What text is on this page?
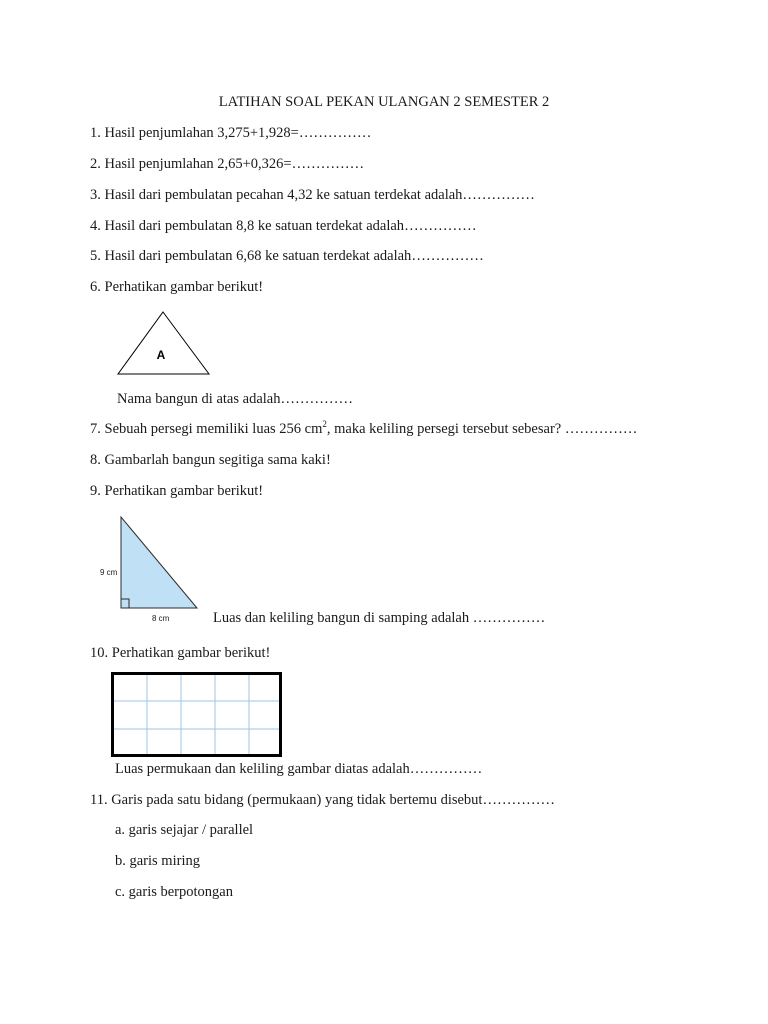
LATIHAN SOAL PEKAN ULANGAN 2 SEMESTER 2
1. Hasil penjumlahan 3,275+1,928=……………
2. Hasil penjumlahan 2,65+0,326=……………
3. Hasil dari pembulatan pecahan 4,32 ke satuan terdekat adalah……………
4. Hasil dari pembulatan 8,8 ke satuan terdekat adalah……………
5. Hasil dari pembulatan 6,68 ke satuan terdekat adalah……………
6. Perhatikan gambar berikut!
A
Nama bangun di atas adalah……………
7. Sebuah persegi memiliki luas 256 $cm^2$, maka keliling persegi tersebut sebesar? ……………
8. Gambarlah bangun segitiga sama kaki!
9. Perhatikan gambar berikut!
9 cm
8 cm	Luas dan keliling bangun di samping adalah ……………
10. Perhatikan gambar berikut!
Luas permukaan dan keliling gambar diatas adalah……………
11. Garis pada satu bidang (permukaan) yang tidak bertemu disebut……………
a. garis sejajar / parallel
b. garis miring
c. garis berpotongan
